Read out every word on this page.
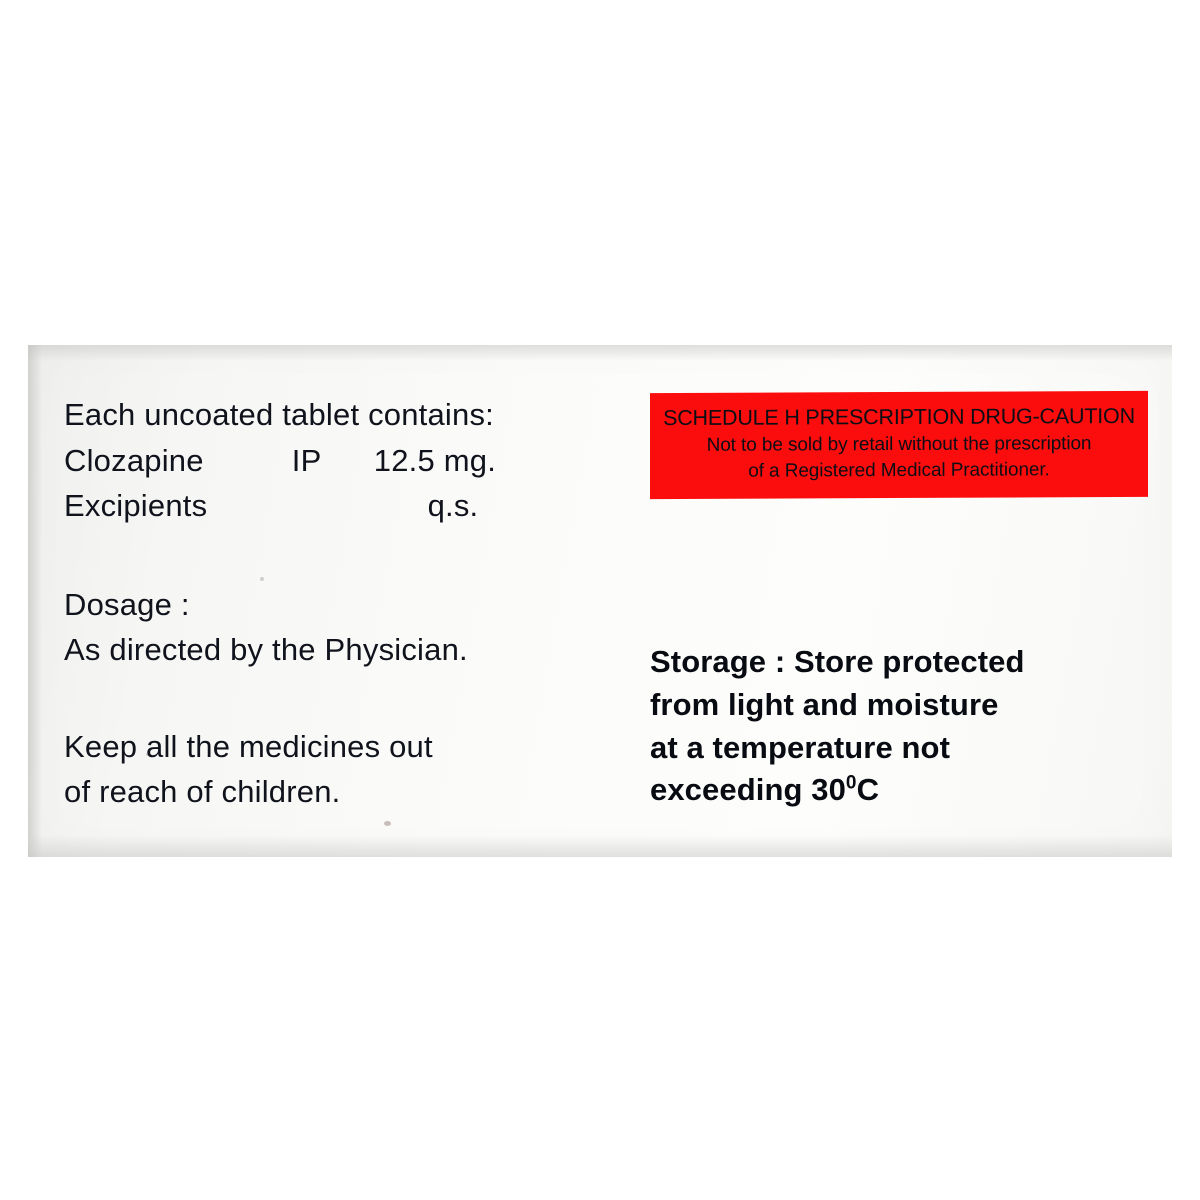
Each uncoated tablet contains:
Clozapine          IP      12.5 mg.
Excipients                         q.s.
Dosage :
As directed by the Physician.
Keep all the medicines out
of reach of children.
SCHEDULE H PRESCRIPTION DRUG-CAUTION
Not to be sold by retail without the prescription
of a Registered Medical Practitioner.
Storage : Store protected
from light and moisture
at a temperature not
exceeding $30^0C$
